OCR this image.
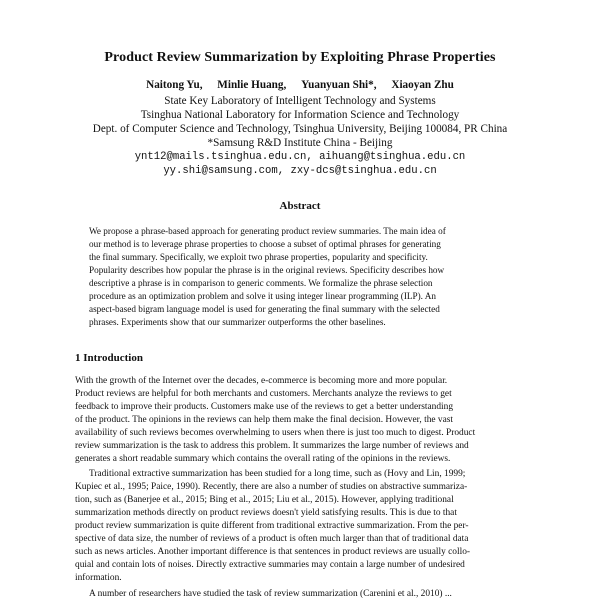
Product Review Summarization by Exploiting Phrase Properties
Naitong Yu, Minlie Huang, Yuanyuan Shi*, Xiaoyan Zhu
State Key Laboratory of Intelligent Technology and Systems
Tsinghua National Laboratory for Information Science and Technology
Dept. of Computer Science and Technology, Tsinghua University, Beijing 100084, PR China
*Samsung R&D Institute China - Beijing
ynt12@mails.tsinghua.edu.cn, aihuang@tsinghua.edu.cn
yy.shi@samsung.com, zxy-dcs@tsinghua.edu.cn
Abstract
We propose a phrase-based approach for generating product review summaries. The main idea of
our method is to leverage phrase properties to choose a subset of optimal phrases for generating
the final summary. Specifically, we exploit two phrase properties, popularity and specificity.
Popularity describes how popular the phrase is in the original reviews. Specificity describes how
descriptive a phrase is in comparison to generic comments. We formalize the phrase selection
procedure as an optimization problem and solve it using integer linear programming (ILP). An
aspect-based bigram language model is used for generating the final summary with the selected
phrases. Experiments show that our summarizer outperforms the other baselines.
1 Introduction
With the growth of the Internet over the decades, e-commerce is becoming more and more popular.
Product reviews are helpful for both merchants and customers. Merchants analyze the reviews to get
feedback to improve their products. Customers make use of the reviews to get a better understanding
of the product. The opinions in the reviews can help them make the final decision. However, the vast
availability of such reviews becomes overwhelming to users when there is just too much to digest. Product
review summarization is the task to address this problem. It summarizes the large number of reviews and
generates a short readable summary which contains the overall rating of the opinions in the reviews.
Traditional extractive summarization has been studied for a long time, such as (Hovy and Lin, 1999;
Kupiec et al., 1995; Paice, 1990). Recently, there are also a number of studies on abstractive summariza-
tion, such as (Banerjee et al., 2015; Bing et al., 2015; Liu et al., 2015). However, applying traditional
summarization methods directly on product reviews doesn't yield satisfying results. This is due to that
product review summarization is quite different from traditional extractive summarization. From the per-
spective of data size, the number of reviews of a product is often much larger than that of traditional data
such as news articles. Another important difference is that sentences in product reviews are usually collo-
quial and contain lots of noises. Directly extractive summaries may contain a large number of undesired
information.
A number of researchers have studied the task of review summarization (Carenini et al., 2010) ...
